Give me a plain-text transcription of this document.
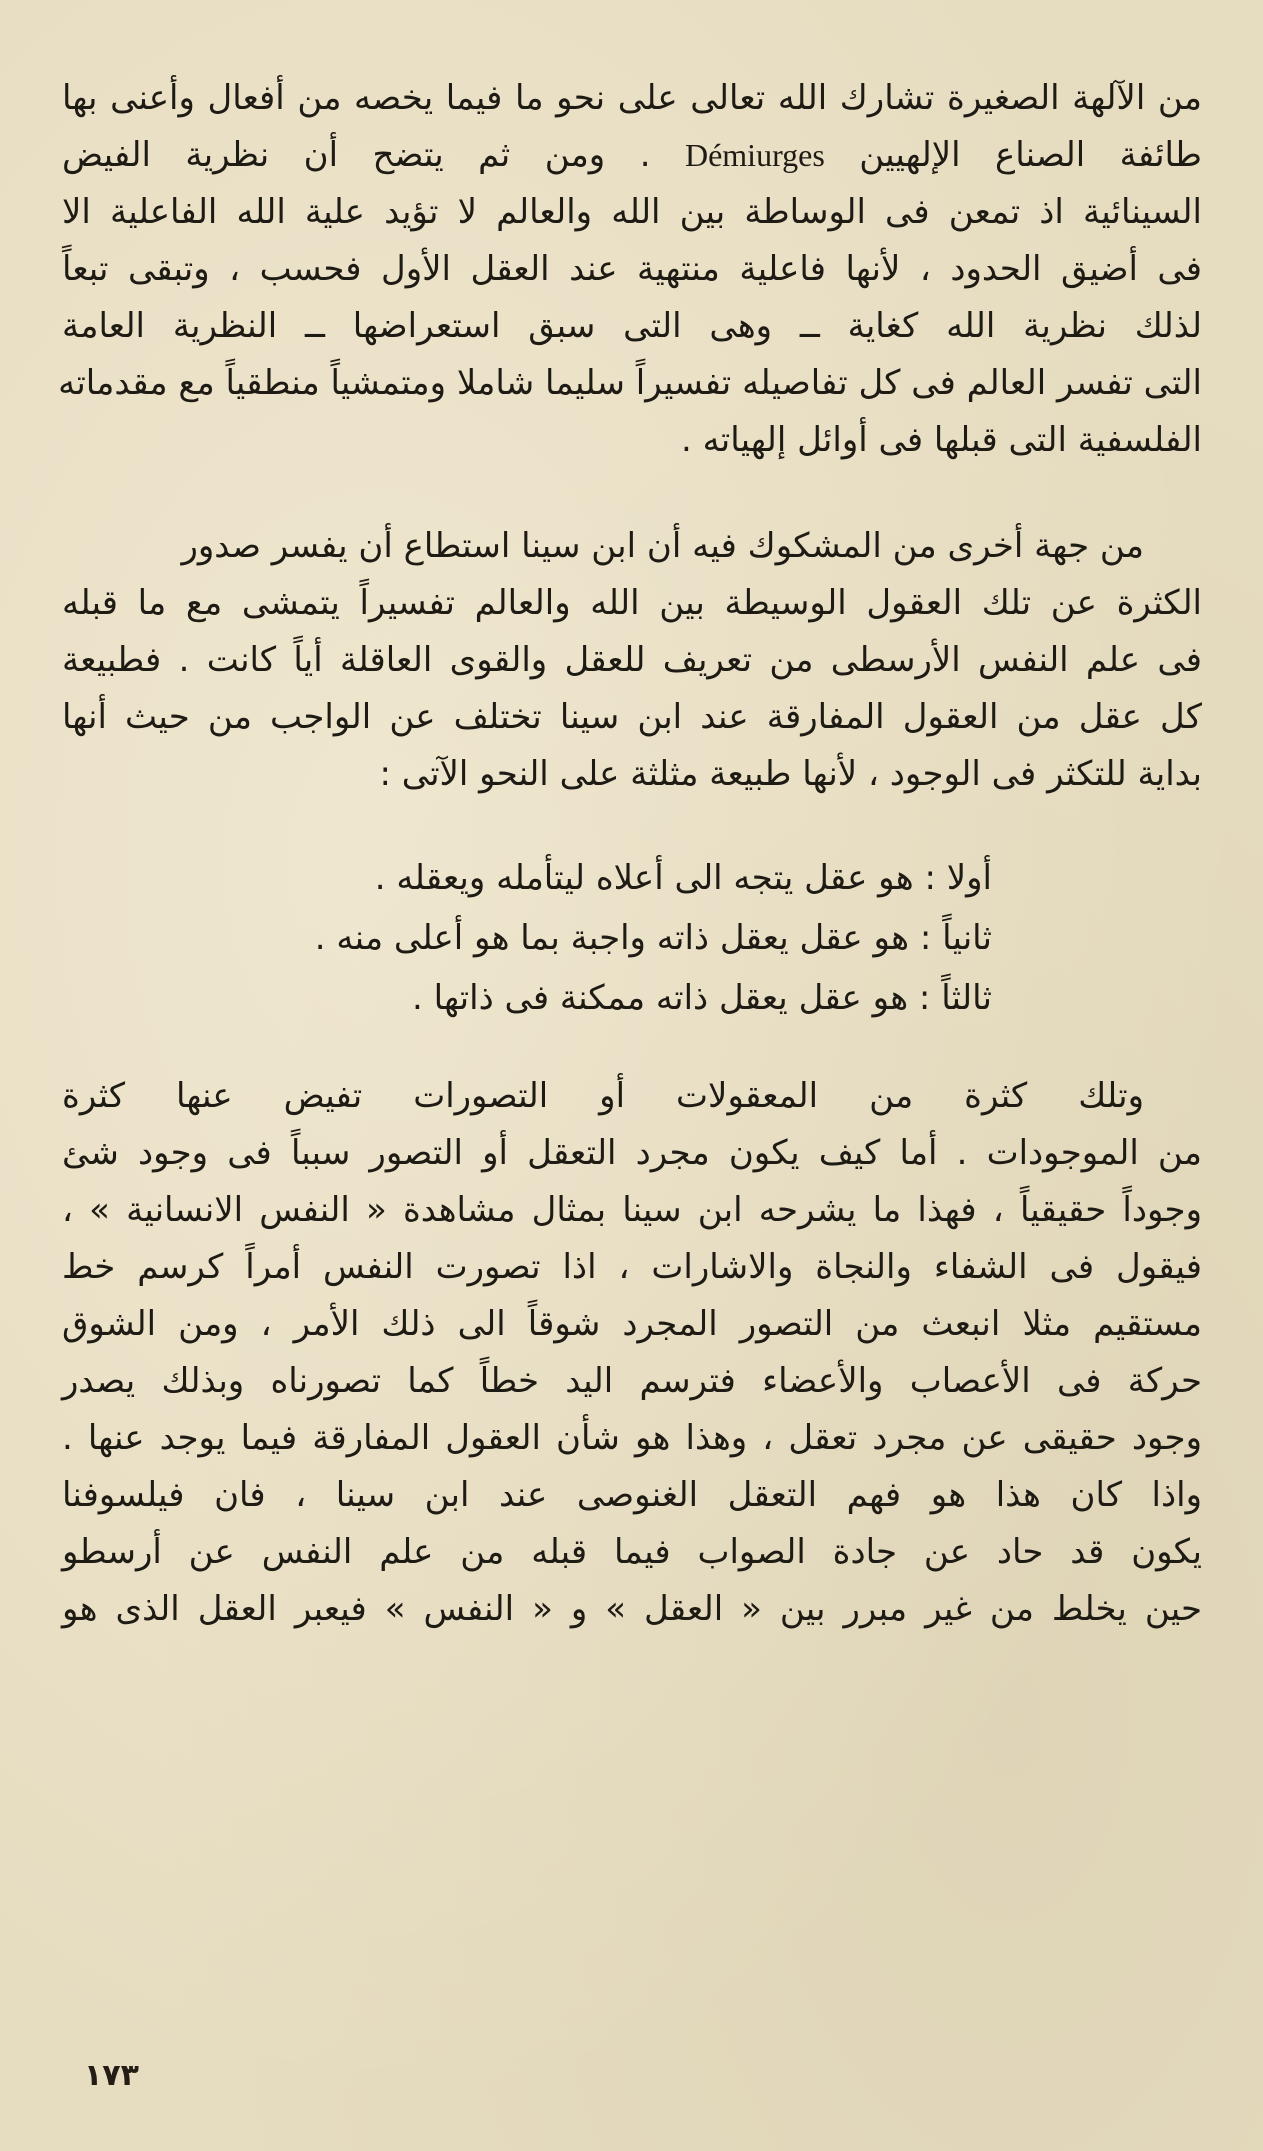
من الآلهة الصغيرة تشارك الله تعالى على نحو ما فيما يخصه من أفعال وأعنى بها
طائفة الصناع الإلهيين Démiurges . ومن ثم يتضح أن نظرية الفيض
السينائية اذ تمعن فى الوساطة بين الله والعالم لا تؤيد علية الله الفاعلية الا
فى أضيق الحدود ، لأنها فاعلية منتهية عند العقل الأول فحسب ، وتبقى تبعاً
لذلك نظرية الله كغاية ــ وهى التى سبق استعراضها ــ النظرية العامة
التى تفسر العالم فى كل تفاصيله تفسيراً سليما شاملا ومتمشياً منطقياً مع مقدماته
الفلسفية التى قبلها فى أوائل إلهياته .
من جهة أخرى من المشكوك فيه أن ابن سينا استطاع أن يفسر صدور
الكثرة عن تلك العقول الوسيطة بين الله والعالم تفسيراً يتمشى مع ما قبله
فى علم النفس الأرسطى من تعريف للعقل والقوى العاقلة أياً كانت . فطبيعة
كل عقل من العقول المفارقة عند ابن سينا تختلف عن الواجب من حيث أنها
بداية للتكثر فى الوجود ، لأنها طبيعة مثلثة على النحو الآتى :
أولا : هو عقل يتجه الى أعلاه ليتأمله ويعقله .
ثانياً : هو عقل يعقل ذاته واجبة بما هو أعلى منه .
ثالثاً : هو عقل يعقل ذاته ممكنة فى ذاتها .
وتلك كثرة من المعقولات أو التصورات تفيض عنها كثرة
من الموجودات . أما كيف يكون مجرد التعقل أو التصور سبباً فى وجود شئ
وجوداً حقيقياً ، فهذا ما يشرحه ابن سينا بمثال مشاهدة « النفس الانسانية » ،
فيقول فى الشفاء والنجاة والاشارات ، اذا تصورت النفس أمراً كرسم خط
مستقيم مثلا انبعث من التصور المجرد شوقاً الى ذلك الأمر ، ومن الشوق
حركة فى الأعصاب والأعضاء فترسم اليد خطاً كما تصورناه وبذلك يصدر
وجود حقيقى عن مجرد تعقل ، وهذا هو شأن العقول المفارقة فيما يوجد عنها .
واذا كان هذا هو فهم التعقل الغنوصى عند ابن سينا ، فان فيلسوفنا
يكون قد حاد عن جادة الصواب فيما قبله من علم النفس عن أرسطو
حين يخلط من غير مبرر بين « العقل » و « النفس » فيعبر العقل الذى هو
١٧٣
